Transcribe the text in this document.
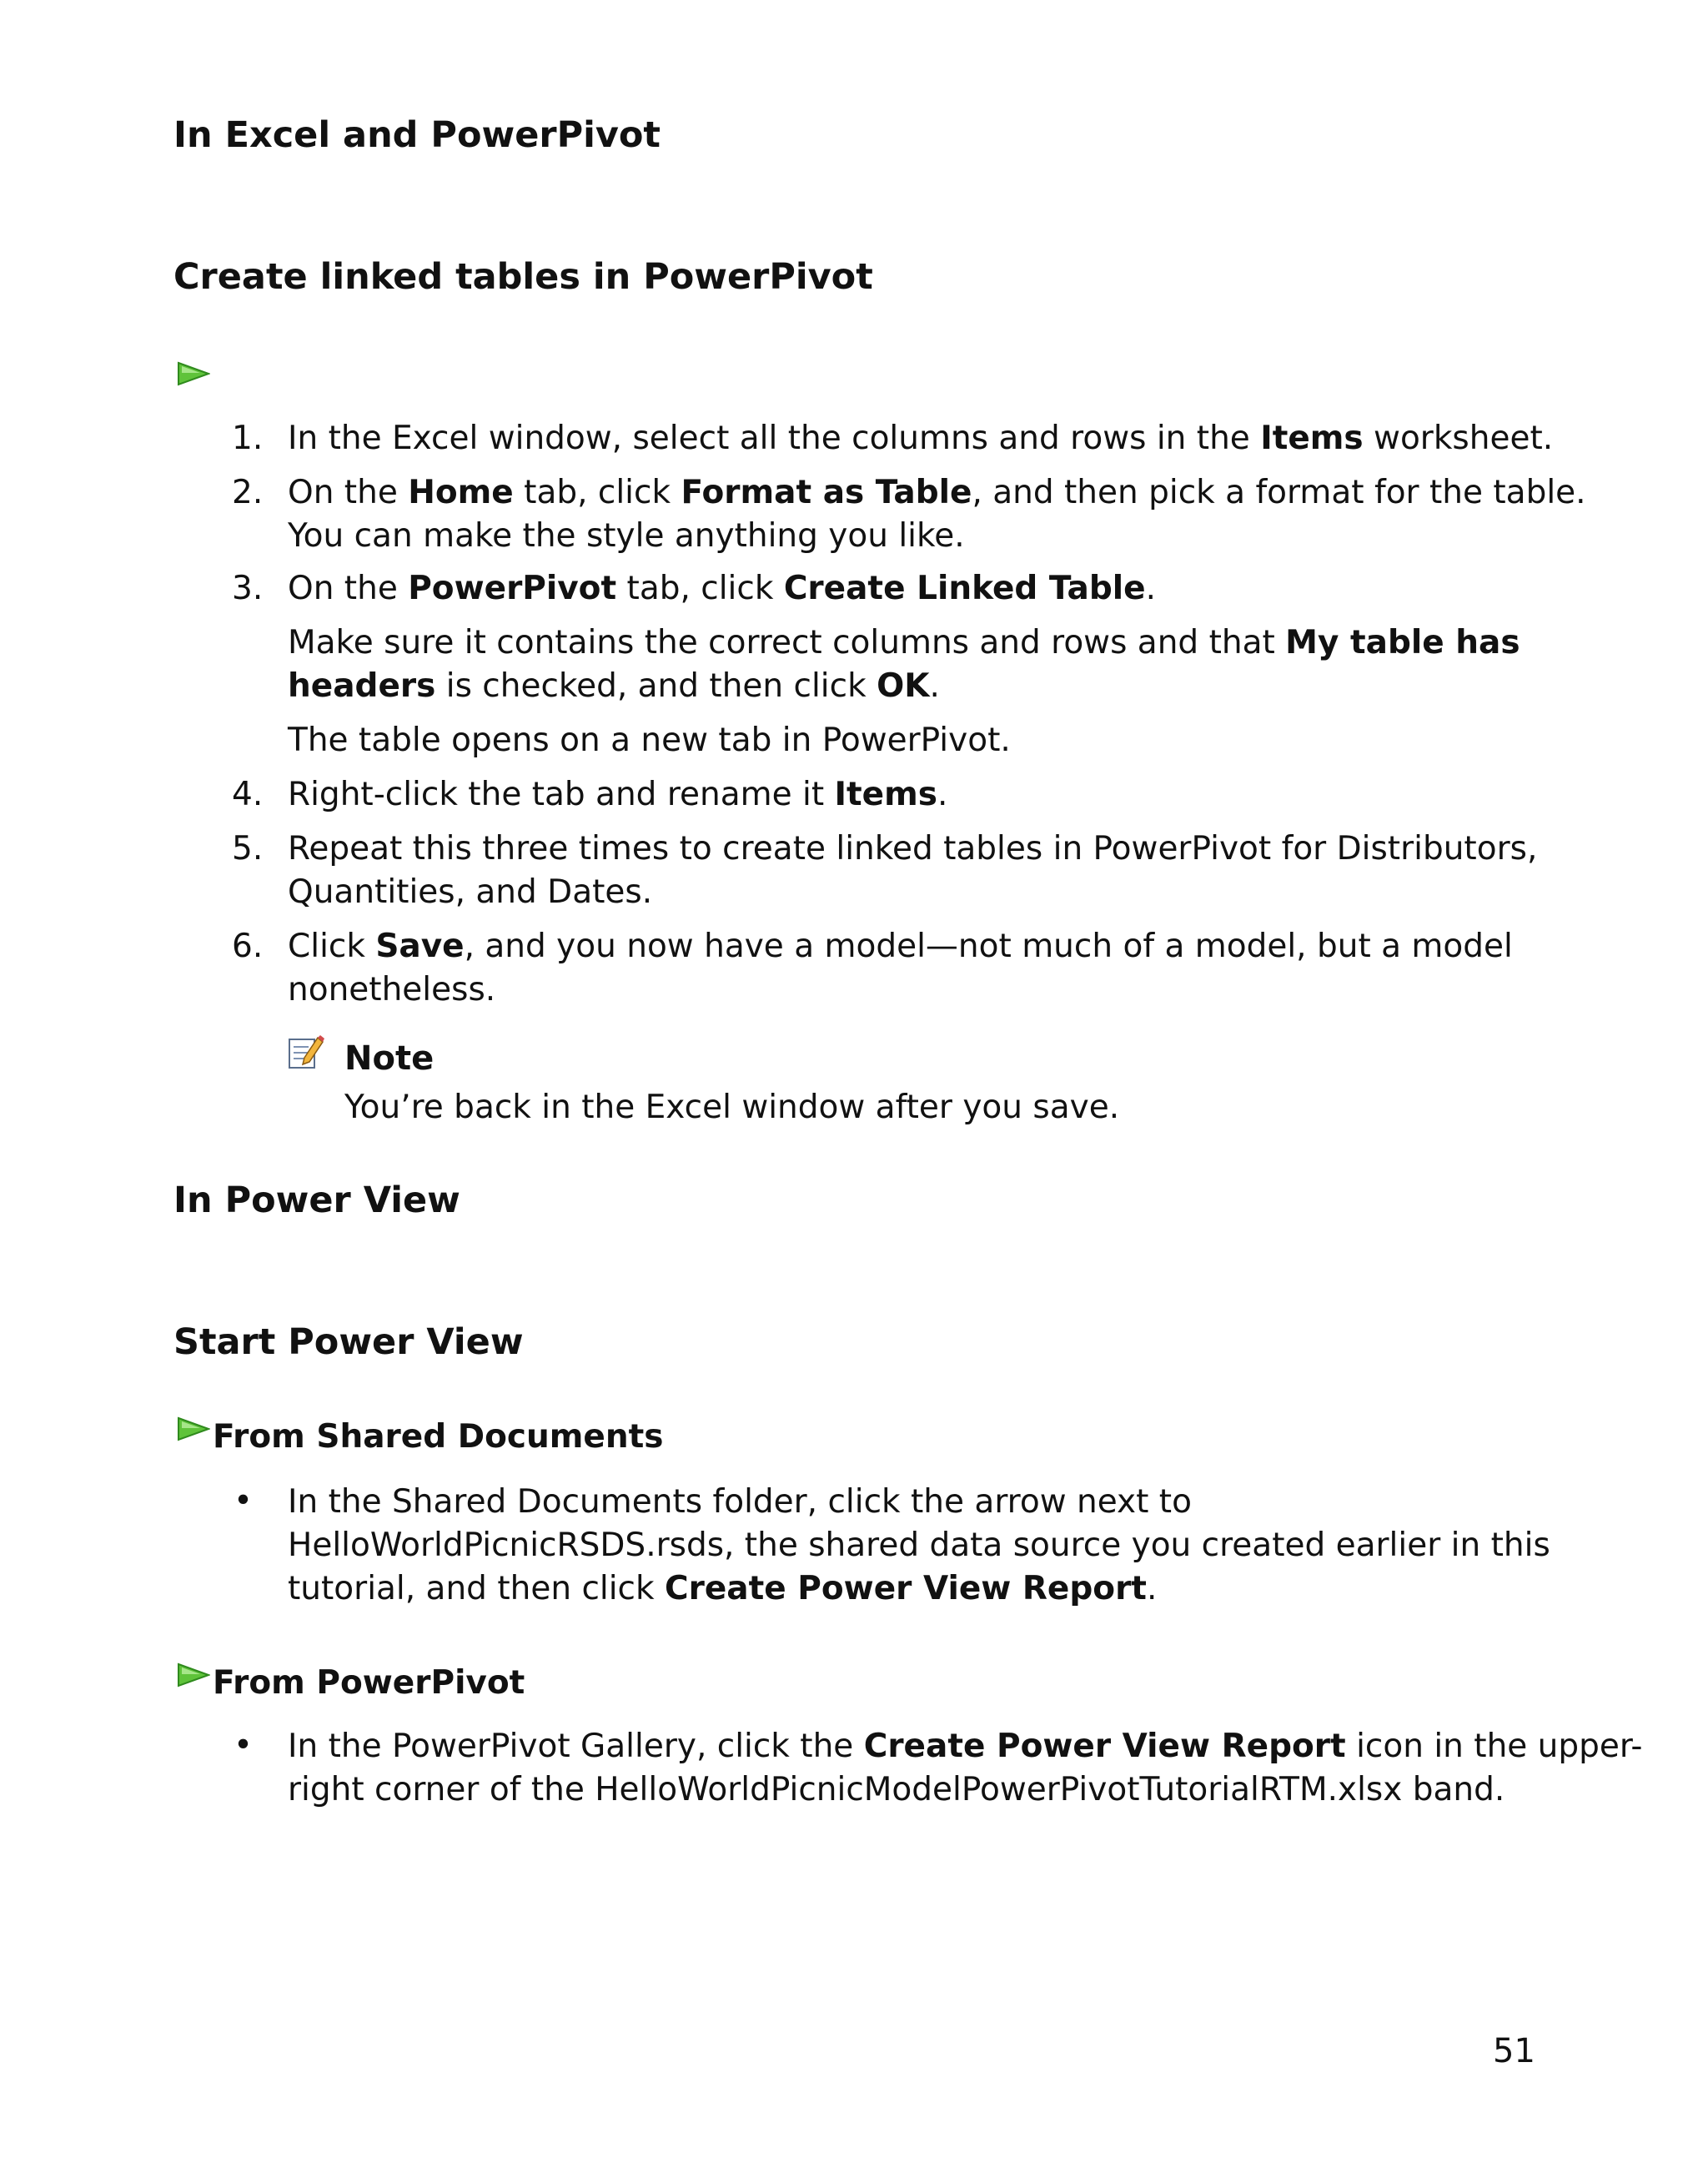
In Excel and PowerPivot
Create linked tables in PowerPivot
1. In the Excel window, select all the columns and rows in the Items worksheet.

2. On the Home tab, click Format as Table, and then pick a format for the table.

You can make the style anything you like.

3. On the PowerPivot tab, click Create Linked Table.

Make sure it contains the correct columns and rows and that My table has

headers is checked, and then click OK.

The table opens on a new tab in PowerPivot.

4. Right-click the tab and rename it Items.

5. Repeat this three times to create linked tables in PowerPivot for Distributors,

Quantities, and Dates.

6. Click Save, and you now have a model—not much of a model, but a model

nonetheless.

Note

You’re back in the Excel window after you save.

In Power View
Start Power View

From Shared Documents

• In the Shared Documents folder, click the arrow next to

HelloWorldPicnicRSDS.rsds, the shared data source you created earlier in this

tutorial, and then click Create Power View Report.

From PowerPivot

• In the PowerPivot Gallery, click the Create Power View Report icon in the upper-

right corner of the HelloWorldPicnicModelPowerPivotTutorialRTM.xlsx band.

51
